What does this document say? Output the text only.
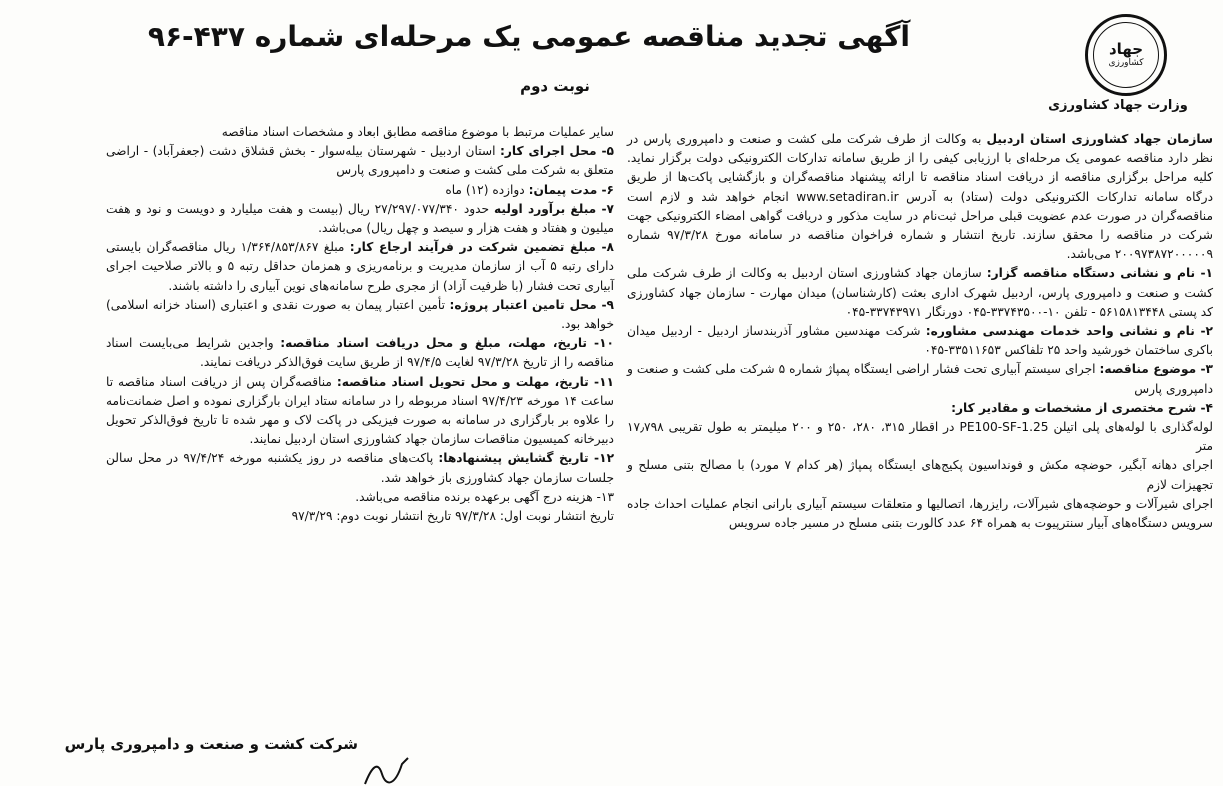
جهاد
کشاورزی
وزارت جهاد کشاورزی
آگهی تجدید مناقصه عمومی یک مرحله‌ای شماره ۴۳۷-۹۶
نوبت دوم

سازمان جهاد کشاورزی استان اردبیل به وکالت از طرف شرکت ملی کشت و صنعت و دامپروری پارس در نظر دارد مناقصه عمومی یک مرحله‌ای با ارزیابی کیفی را از طریق سامانه تدارکات الکترونیکی دولت برگزار نماید. کلیه مراحل برگزاری مناقصه از دریافت اسناد مناقصه تا ارائه پیشنهاد مناقصه‌گران و بازگشایی پاکت‌ها از طریق درگاه سامانه تدارکات الکترونیکی دولت (ستاد) به آدرس www.setadiran.ir انجام خواهد شد و لازم است مناقصه‌گران در صورت عدم عضویت قبلی مراحل ثبت‌نام در سایت مذکور و دریافت گواهی امضاء الکترونیکی جهت شرکت در مناقصه را محقق سازند. تاریخ انتشار و شماره فراخوان مناقصه در سامانه مورخ ۹۷/۳/۲۸ شماره ۲۰۰۹۷۳۸۷۲۰۰۰۰۰۹ می‌باشد.

۱- نام و نشانی دستگاه مناقصه گزار: سازمان جهاد کشاورزی استان اردبیل به وکالت از طرف شرکت ملی کشت و صنعت و دامپروری پارس، اردبیل شهرک اداری بعثت (کارشناسان) میدان مهارت - سازمان جهاد کشاورزی کد پستی ۵۶۱۵۸۱۳۴۴۸ - تلفن ۱۰-۳۳۷۴۳۵۰۰-۰۴۵ دورنگار ۳۳۷۴۳۹۷۱-۰۴۵

۲- نام و نشانی واحد خدمات مهندسی مشاوره: شرکت مهندسین مشاور آذربندساز اردبیل - اردبیل میدان باکری ساختمان خورشید واحد ۲۵ تلفاکس ۳۳۵۱۱۶۵۳-۰۴۵

۳- موضوع مناقصه: اجرای سیستم آبیاری تحت فشار اراضی ایستگاه پمپاژ شماره ۵ شرکت ملی کشت و صنعت و دامپروری پارس

۴- شرح مختصری از مشخصات و مقادیر کار:

لوله‌گذاری با لوله‌های پلی اتیلن PE100-SF-1.25 در اقطار ۳۱۵، ۲۸۰، ۲۵۰ و ۲۰۰ میلیمتر به طول تقریبی ۱۷٫۷۹۸ متر

اجرای دهانه آبگیر، حوضچه مکش و فونداسیون پکیج‌های ایستگاه پمپاژ (هر کدام ۷ مورد) با مصالح بتنی مسلح و تجهیزات لازم

اجرای شیرآلات و حوضچه‌های شیرآلات، رایزرها، اتصالیها و متعلقات سیستم آبیاری بارانی انجام عملیات احداث جاده سرویس دستگاه‌های آبیار سنترپیوت به همراه ۶۴ عدد کالورت بتنی مسلح در مسیر جاده سرویس

سایر عملیات مرتبط با موضوع مناقصه مطابق ابعاد و مشخصات اسناد مناقصه

۵- محل اجرای کار: استان اردبیل - شهرستان بیله‌سوار - بخش قشلاق دشت (جعفرآباد) - اراضی متعلق به شرکت ملی کشت و صنعت و دامپروری پارس

۶- مدت پیمان: دوازده (۱۲) ماه

۷- مبلغ برآورد اولیه حدود ۲۷/۲۹۷/۰۷۷/۳۴۰ ریال (بیست و هفت میلیارد و دویست و نود و هفت میلیون و هفتاد و هفت هزار و سیصد و چهل ریال) می‌باشد.

۸- مبلغ تضمین شرکت در فرآیند ارجاع کار: مبلغ ۱/۳۶۴/۸۵۳/۸۶۷ ریال مناقصه‌گران بایستی دارای رتبه ۵ آب از سازمان مدیریت و برنامه‌ریزی و همزمان حداقل رتبه ۵ و بالاتر صلاحیت اجرای آبیاری تحت فشار (با ظرفیت آزاد) از مجری طرح سامانه‌های نوین آبیاری را داشته باشند.

۹- محل تامین اعتبار پروژه: تأمین اعتبار پیمان به صورت نقدی و اعتباری (اسناد خزانه اسلامی) خواهد بود.

۱۰- تاریخ، مهلت، مبلغ و محل دریافت اسناد مناقصه: واجدین شرایط می‌بایست اسناد مناقصه را از تاریخ ۹۷/۳/۲۸ لغایت ۹۷/۴/۵ از طریق سایت فوق‌الذکر دریافت نمایند.

۱۱- تاریخ، مهلت و محل تحویل اسناد مناقصه: مناقصه‌گران پس از دریافت اسناد مناقصه تا ساعت ۱۴ مورخه ۹۷/۴/۲۳ اسناد مربوطه را در سامانه ستاد ایران بارگزاری نموده و اصل ضمانت‌نامه را علاوه بر بارگزاری در سامانه به صورت فیزیکی در پاکت لاک و مهر شده تا تاریخ فوق‌الذکر تحویل دبیرخانه کمیسیون مناقصات سازمان جهاد کشاورزی استان اردبیل نمایند.

۱۲- تاریخ گشایش پیشنهادها: پاکت‌های مناقصه در روز یکشنبه مورخه ۹۷/۴/۲۴ در محل سالن جلسات سازمان جهاد کشاورزی باز خواهد شد.

۱۳- هزینه درج آگهی برعهده برنده مناقصه می‌باشد.

تاریخ انتشار نوبت اول: ۹۷/۳/۲۸ تاریخ انتشار نوبت دوم: ۹۷/۳/۲۹

شرکت کشت و صنعت و دامپروری پارس
